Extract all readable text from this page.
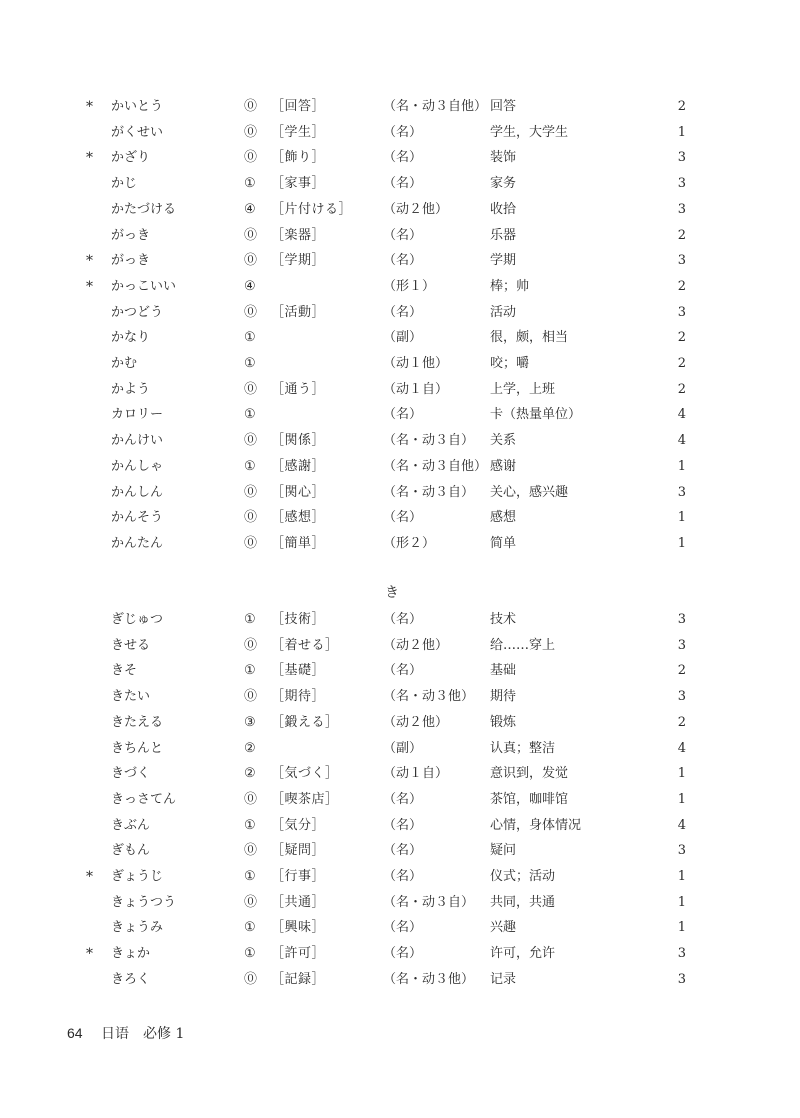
* かいとう	⓪ ［回答］	（名・动３自他） 回答	2
がくせい	⓪ ［学生］	（名）	学生，大学生	1
* かざり	⓪ ［飾り］	（名）	装饰	3
かじ	① ［家事］	（名）	家务	3
かたづける	④ ［片付ける］ （动２他）	收拾	3
がっき	⓪ ［楽器］	（名）	乐器	2
* がっき	⓪ ［学期］	（名）	学期	3
* かっこいい	④	（形１）	棒；帅	2
かつどう	⓪ ［活動］	（名）	活动	3
かなり	①	（副）	很，颇，相当	2
かむ	①	（动１他）	咬；嚼	2
かよう	⓪ ［通う］	（动１自）	上学，上班	2
カロリー	①	（名）	卡（热量单位）	4
かんけい	⓪ ［関係］	（名・动３自） 关系	4
かんしゃ	① ［感謝］	（名・动３自他） 感谢	1
かんしん	⓪ ［関心］	（名・动３自） 关心，感兴趣	3
かんそう	⓪ ［感想］	（名）	感想	1
かんたん	⓪ ［簡単］	（形２）	简单	1
き
ぎじゅつ	① ［技術］	（名）	技术	3
きせる	⓪ ［着せる］	（动２他）	给……穿上	3
きそ	① ［基礎］	（名）	基础	2
きたい	⓪ ［期待］	（名・动３他） 期待	3
きたえる	③ ［鍛える］	（动２他）	锻炼	2
きちんと	②	（副）	认真；整洁	4
きづく	② ［気づく］	（动１自）	意识到，发觉	1
きっさてん	⓪ ［喫茶店］	（名）	茶馆，咖啡馆	1
きぶん	① ［気分］	（名）	心情，身体情况	4
ぎもん	⓪ ［疑問］	（名）	疑问	3
* ぎょうじ	① ［行事］	（名）	仪式；活动	1
きょうつう	⓪ ［共通］	（名・动３自） 共同，共通	1
きょうみ	① ［興味］	（名）	兴趣	1
* きょか	① ［許可］	（名）	许可，允许	3
きろく	⓪ ［記録］	（名・动３他） 记录	3
64 日语　必修 1
